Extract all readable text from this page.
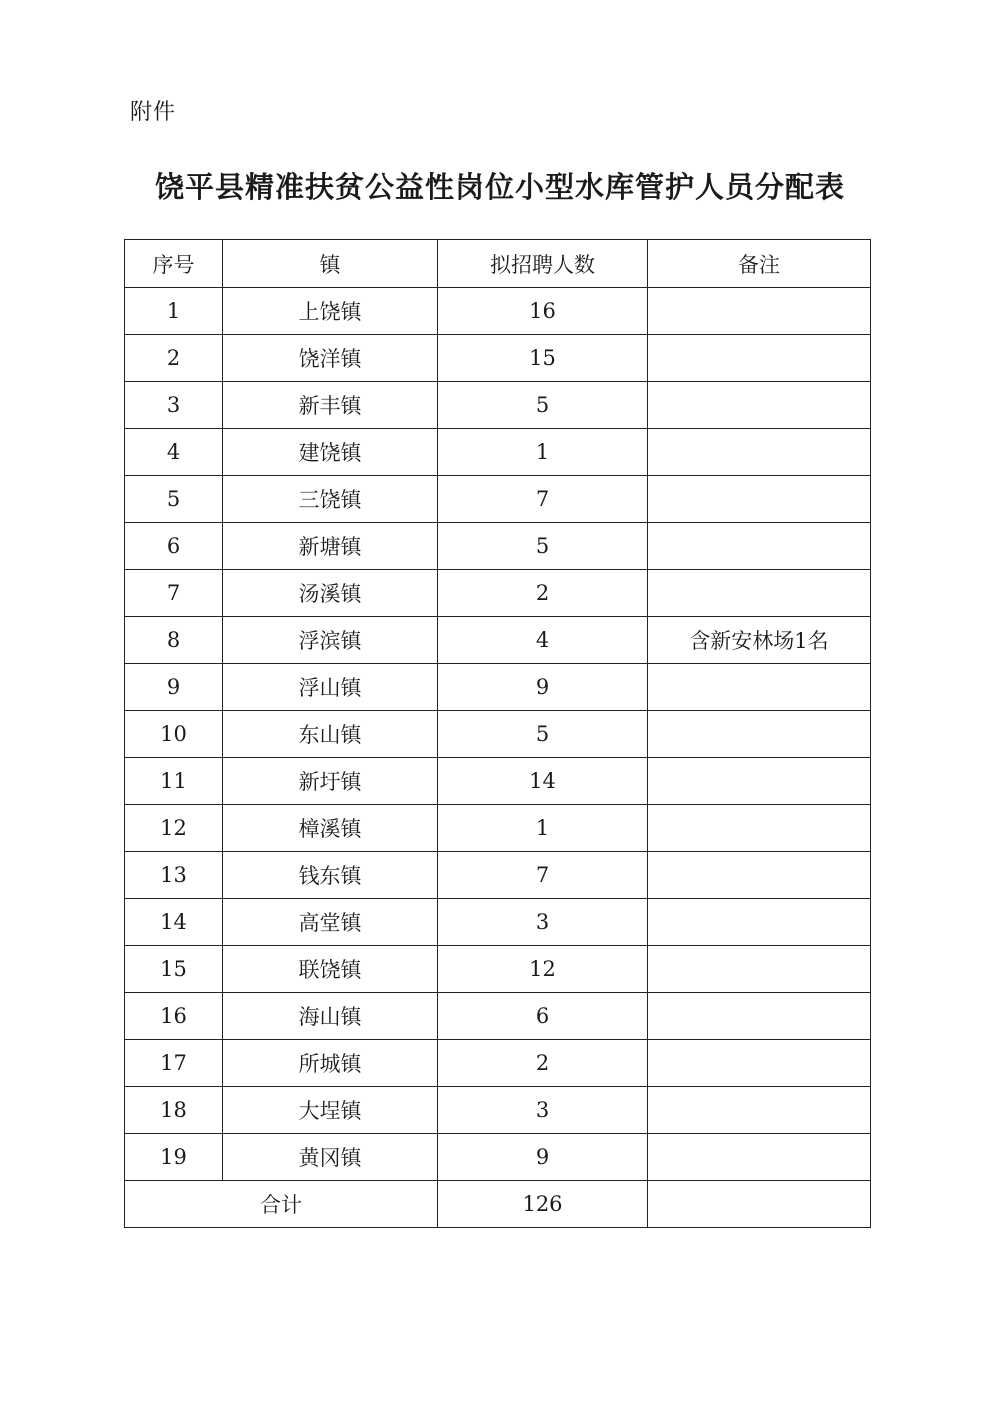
附件
饶平县精准扶贫公益性岗位小型水库管护人员分配表
序号	镇	拟招聘人数	备注
1	上饶镇	16	
2	饶洋镇	15	
3	新丰镇	5	
4	建饶镇	1	
5	三饶镇	7	
6	新塘镇	5	
7	汤溪镇	2	
8	浮滨镇	4	含新安林场1名
9	浮山镇	9	
10	东山镇	5	
11	新圩镇	14	
12	樟溪镇	1	
13	钱东镇	7	
14	高堂镇	3	
15	联饶镇	12	
16	海山镇	6	
17	所城镇	2	
18	大埕镇	3	
19	黄冈镇	9	
合计		126	
